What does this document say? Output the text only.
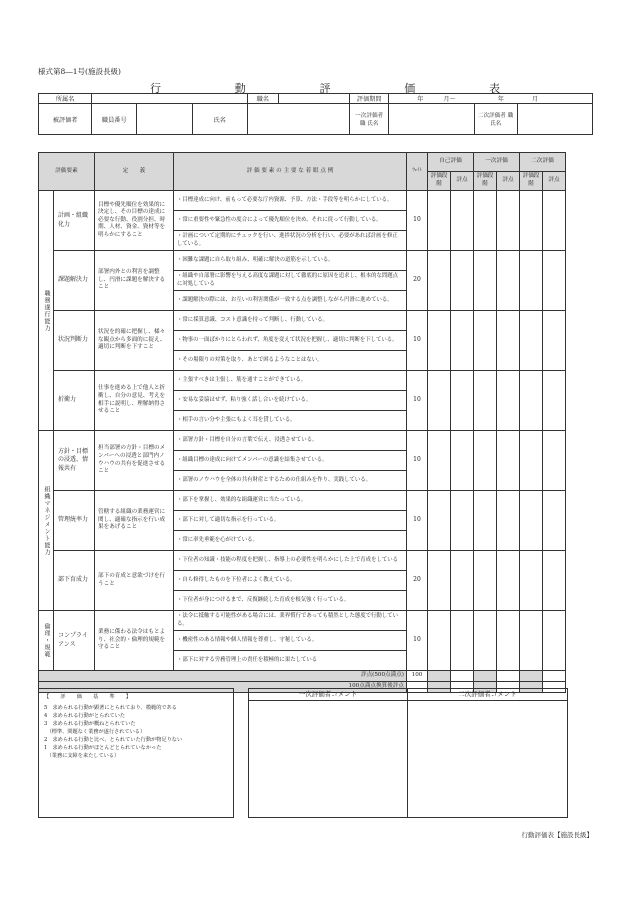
様式第8―1号(施設長級)
行	動	評	価	表
所属名				職名		評価期間	年 月～ 年 月		
被評価者	職員番号		氏名			一次評価者 職 氏名		二次評価者 職 氏名	

評価要素		定　　義	評 価 要 素 の 主 要 な 着 眼 点 例	ｳｪｲﾄ	自己評価		一次評価		二次評価	
					評価段階	評点	評価段階	評点	評価段階	評点
職務遂行能力	計画・組織化力	目標や優先順位を効果的に決定し、その目標の達成に必要な行動、役割分担、時期、人材、資金、資材等を明らかにすること	・目標達成に向け、前もって必要な庁内資源、予算、方法・手段等を明らかにしている。	10						
			・常に重要性や緊急性の度合によって優先順位を決め、それに従って行動している。							
			・計画について定期的にチェックを行い、進捗状況の分析を行い、必要があれば計画を修正している。							
	課題解決力	部署内外との利害を調整し、円滑に課題を解決すること	・困難な課題に自ら取り組み、明確に解決の道筋を示している。	20						
			・組織や自部署に影響を与える高度な課題に対して徹底的に原因を追求し、根本的な問題点に対処している							
			・課題解決の際には、お互いの利害関係が一致する点を調整しながら円滑に進めている。							
	状況判断力	状況を的確に把握し、様々な観点から多面的に捉え、適切に判断を下すこと	・常に採算意識、コスト意識を持って判断し、行動している。	10						
			・物事の一面ばかりにとらわれず、角度を変えて状況を把握し、適切に判断を下している。							
			・その場限りの対策を取り、あとで困るようなことはない。							
	折衝力	仕事を進める上で他人と折衝し、自分の意見、考えを相手に説明し、理解納得させること	・主張すべきは主張し、筋を通すことができている。	10						
			・安易な妥協はせず、粘り強く話し合いを続けている。							
			・相手の言い分や主張にもよく耳を貸している。							
組織マネジメント能力	方針・目標の浸透、情報共有	担当部署の方針・目標のメンバーへの浸透と部門内ノウハウの共有を促進させること	・部署方針・目標を自分の言葉で伝え、浸透させている。	10						
			・組織目標の達成に向けてメンバーの意識を結集させている。							
			・部署のノウハウを全体の共有財産とするための仕組みを作り、実践している。							
	管理統率力	管轄する組織の業務運営に関し、適確な指示を行い成果をあげること	・部下を掌握し、効果的な組織運営に当たっている。	10						
			・部下に対して適切な指示を行っている。							
			・常に率先垂範を心がけている。							
	部下育成力	部下の育成と意欲づけを行うこと	・下位者の知識・技能の程度を把握し、指導上の必要性を明らかにした上で育成をしている	20						
			・自ら修得したものを下位者によく教えている。							
			・下位者が身につけるまで、反復継続した育成を根気強く行っている。							
倫理・規範	コンプライアンス	業務に係わる法令はもとより、社会的・倫理的規範を守ること	・法令に抵触する可能性がある場合には、業界慣行であっても積然とした態度で行動している。	10						
			・機密性のある情報や個人情報を尊重し、守秘している。							
			・部下に対する労務管理上の責任を積極的に果たしている							
評点(500点満点)				100						
100点満点換算後評点										
【　評　価　基　準　】
5　求められる行動が顕著にとられており、模範的である
4　求められる行動がとられていた
3　求められる行動が概ねとられていた
　（標準、問題なく業務が遂行されている）
2　求められる行動と比べ、とられていた行動が物足りない
1　求められる行動がほとんどとられていなかった
　（業務に支障を来たしている）
一次評価者コメント	二次評価者コメント
行動評価表【施設長級】
